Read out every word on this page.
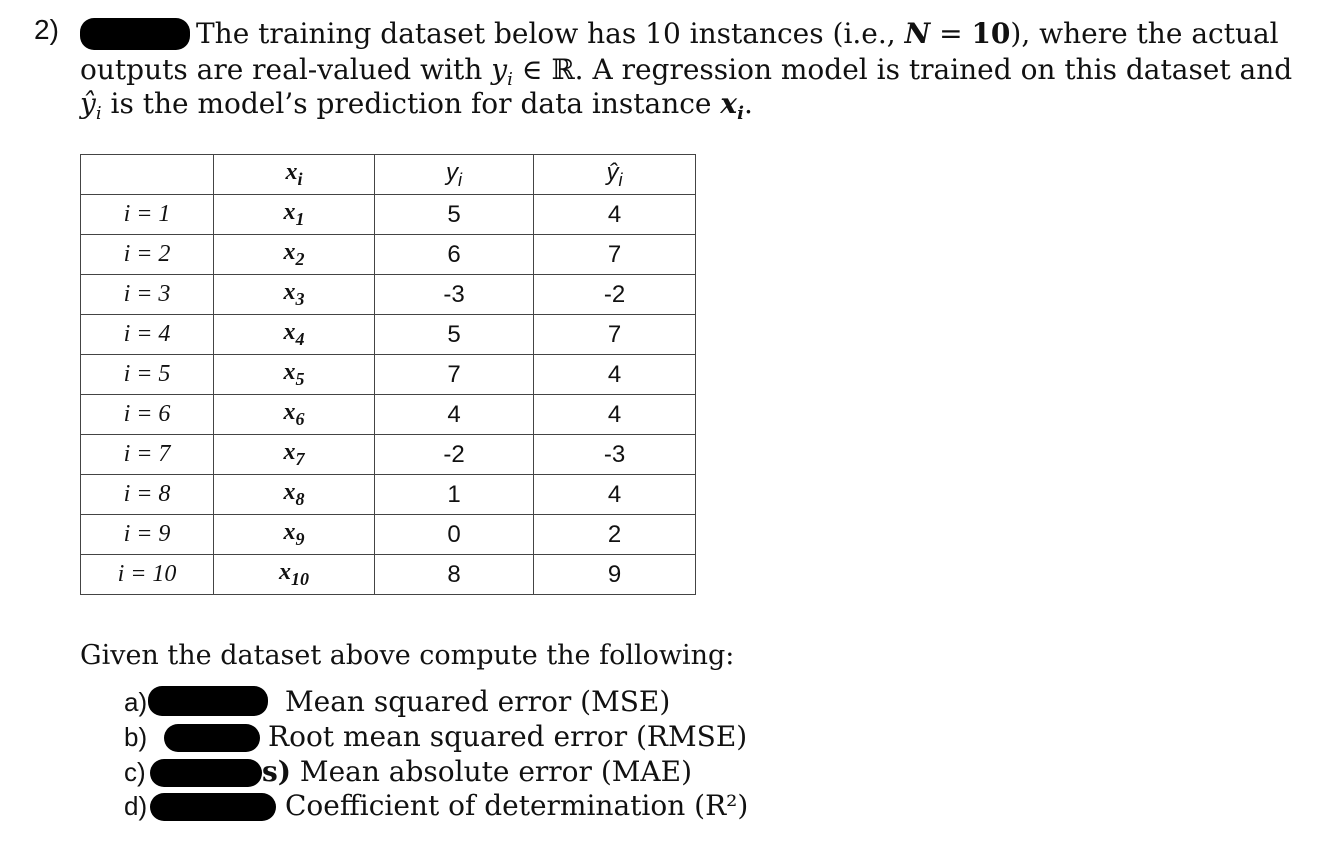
2)	The training dataset below has 10 instances (i.e., N = 10), where the actual
outputs are real-valued with $y_i$ ∈ ℝ. A regression model is trained on this dataset and
$ŷ_i$ is the model’s prediction for data instance $x_i$.
	$x_i$	$y_i$	$ŷ_i$
i = 1	$x_1$	5	4
i = 2	$x_2$	6	7
i = 3	$x_3$	-3	-2
i = 4	$x_4$	5	7
i = 5	$x_5$	7	4
i = 6	$x_6$	4	4
i = 7	$x_7$	-2	-3
i = 8	$x_8$	1	4
i = 9	$x_9$	0	2
i = 10	$x_{10}$	8	9
Given the dataset above compute the following:
a)	Mean squared error (MSE)
b)	Root mean squared error (RMSE)
c)	s) Mean absolute error (MAE)
d)	Coefficient of determination (R²)
